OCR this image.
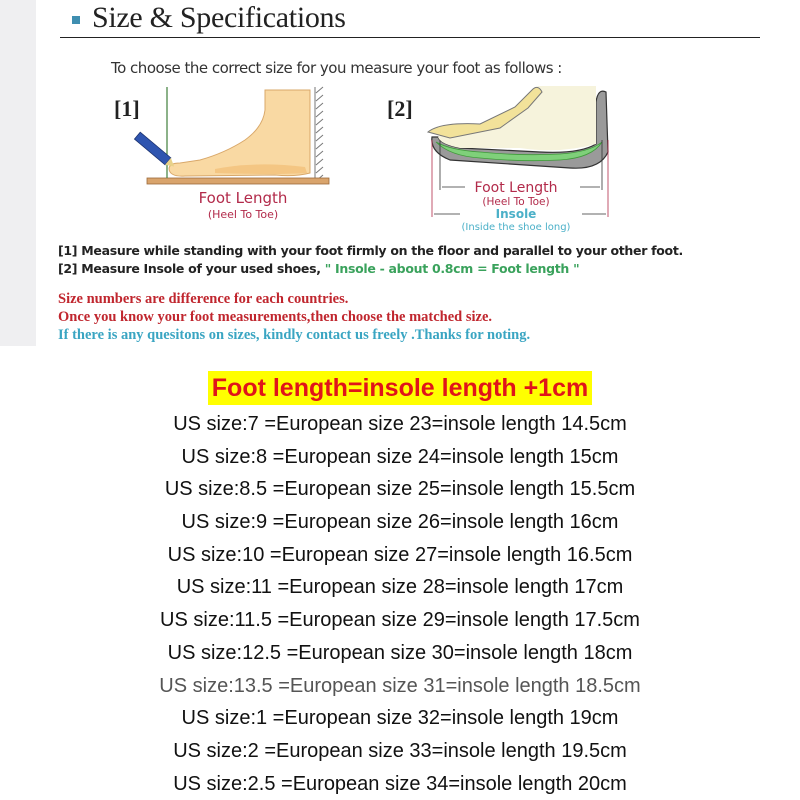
Size & Specifications
To choose the correct size for you measure your foot as follows :
[1]
Foot Length
(Heel To Toe)
[2]
Foot Length
(Heel To Toe)
Insole
(Inside the shoe long)
[1] Measure while standing with your foot firmly on the floor and parallel to your other foot.
[2] Measure Insole of your used shoes, " Insole - about 0.8cm = Foot length "
Size numbers are difference for each countries.
Once you know your foot measurements,then choose the matched size.
If there is any quesitons on sizes, kindly contact us freely .Thanks for noting.
Foot length=insole length +1cm
US size:7 =European size 23=insole length 14.5cm
US size:8 =European size 24=insole length 15cm
US size:8.5 =European size 25=insole length 15.5cm
US size:9 =European size 26=insole length 16cm
US size:10 =European size 27=insole length 16.5cm
US size:11 =European size 28=insole length 17cm
US size:11.5 =European size 29=insole length 17.5cm
US size:12.5 =European size 30=insole length 18cm
US size:13.5 =European size 31=insole length 18.5cm
US size:1 =European size 32=insole length 19cm
US size:2 =European size 33=insole length 19.5cm
US size:2.5 =European size 34=insole length 20cm
